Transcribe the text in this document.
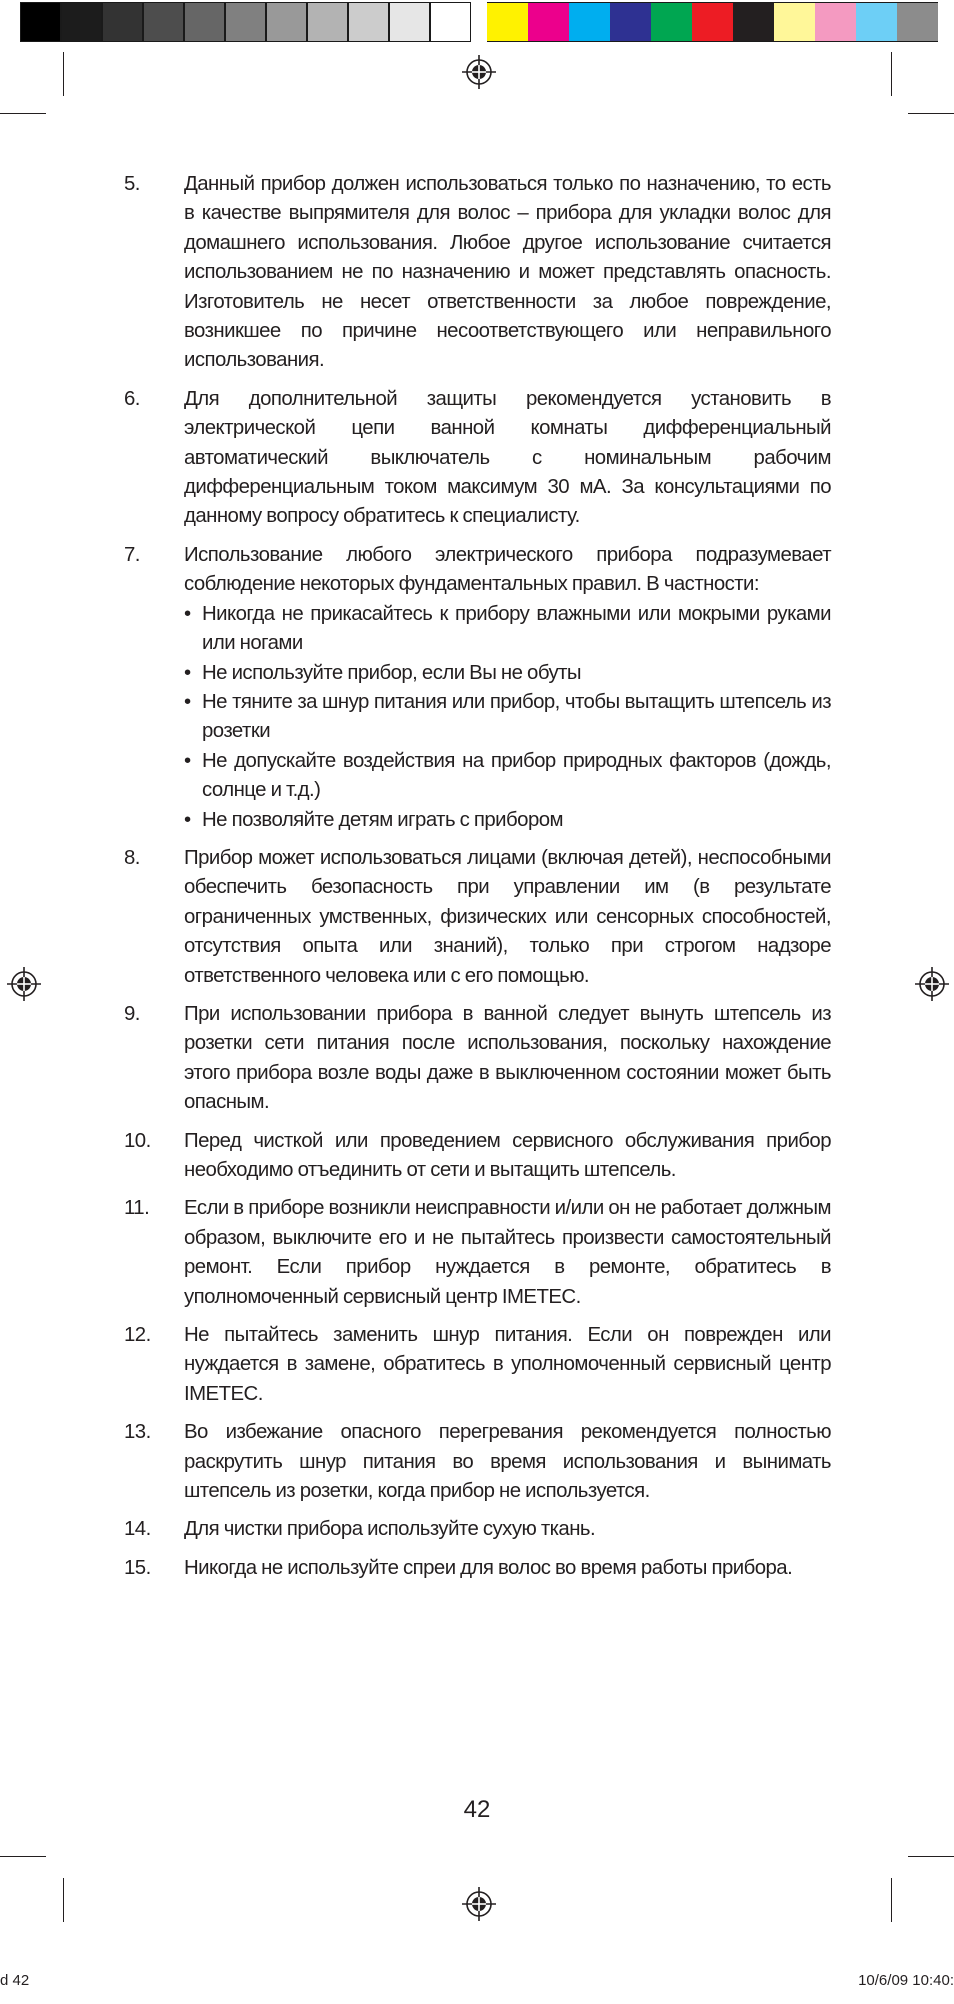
5. Данный прибор должен использоваться только по назначению, то есть в качестве выпрямителя для волос – прибора для укладки волос для домашнего использования. Любое другое использование считается использованием не по назначению и может представлять опасность. Изготовитель не несет ответственности за любое повреждение, возникшее по причине несоответствующего или неправильного использования.

6. Для дополнительной защиты рекомендуется установить в электрической цепи ванной комнаты дифференциальный автоматический выключатель с номинальным рабочим дифференциальным током максимум 30 мА. За консультациями по данному вопросу обратитесь к специалисту.

7. Использование любого электрического прибора подразумевает соблюдение некоторых фундаментальных правил. В частности:

• Никогда не прикасайтесь к прибору влажными или мокрыми руками или ногами
• Не используйте прибор, если Вы не обуты
• Не тяните за шнур питания или прибор, чтобы вытащить штепсель из розетки
• Не допускайте воздействия на прибор природных факторов (дождь, солнце и т.д.)
• Не позволяйте детям играть с прибором
8. Прибор может использоваться лицами (включая детей), неспособными обеспечить безопасность при управлении им (в результате ограниченных умственных, физических или сенсорных способностей, отсутствия опыта или знаний), только при строгом надзоре ответственного человека или с его помощью.

9. При использовании прибора в ванной следует вынуть штепсель из розетки сети питания после использования, поскольку нахождение этого прибора возле воды даже в выключенном состоянии может быть опасным.

10. Перед чисткой или проведением сервисного обслуживания прибор необходимо отъединить от сети и вытащить штепсель.

11. Если в приборе возникли неисправности и/или он не работает должным образом, выключите его и не пытайтесь произвести самостоятельный ремонт. Если прибор нуждается в ремонте, обратитесь в уполномоченный сервисный центр IMETEC.

12. Не пытайтесь заменить шнур питания. Если он поврежден или нуждается в замене, обратитесь в уполномоченный сервисный центр IMETEC.

13. Во избежание опасного перегревания рекомендуется полностью раскрутить шнур питания во время использования и вынимать штепсель из розетки, когда прибор не используется.

14. Для чистки прибора используйте сухую ткань.

15. Никогда не используйте спреи для волос во время работы прибора.

42
d 42	10/6/09 10:40:
